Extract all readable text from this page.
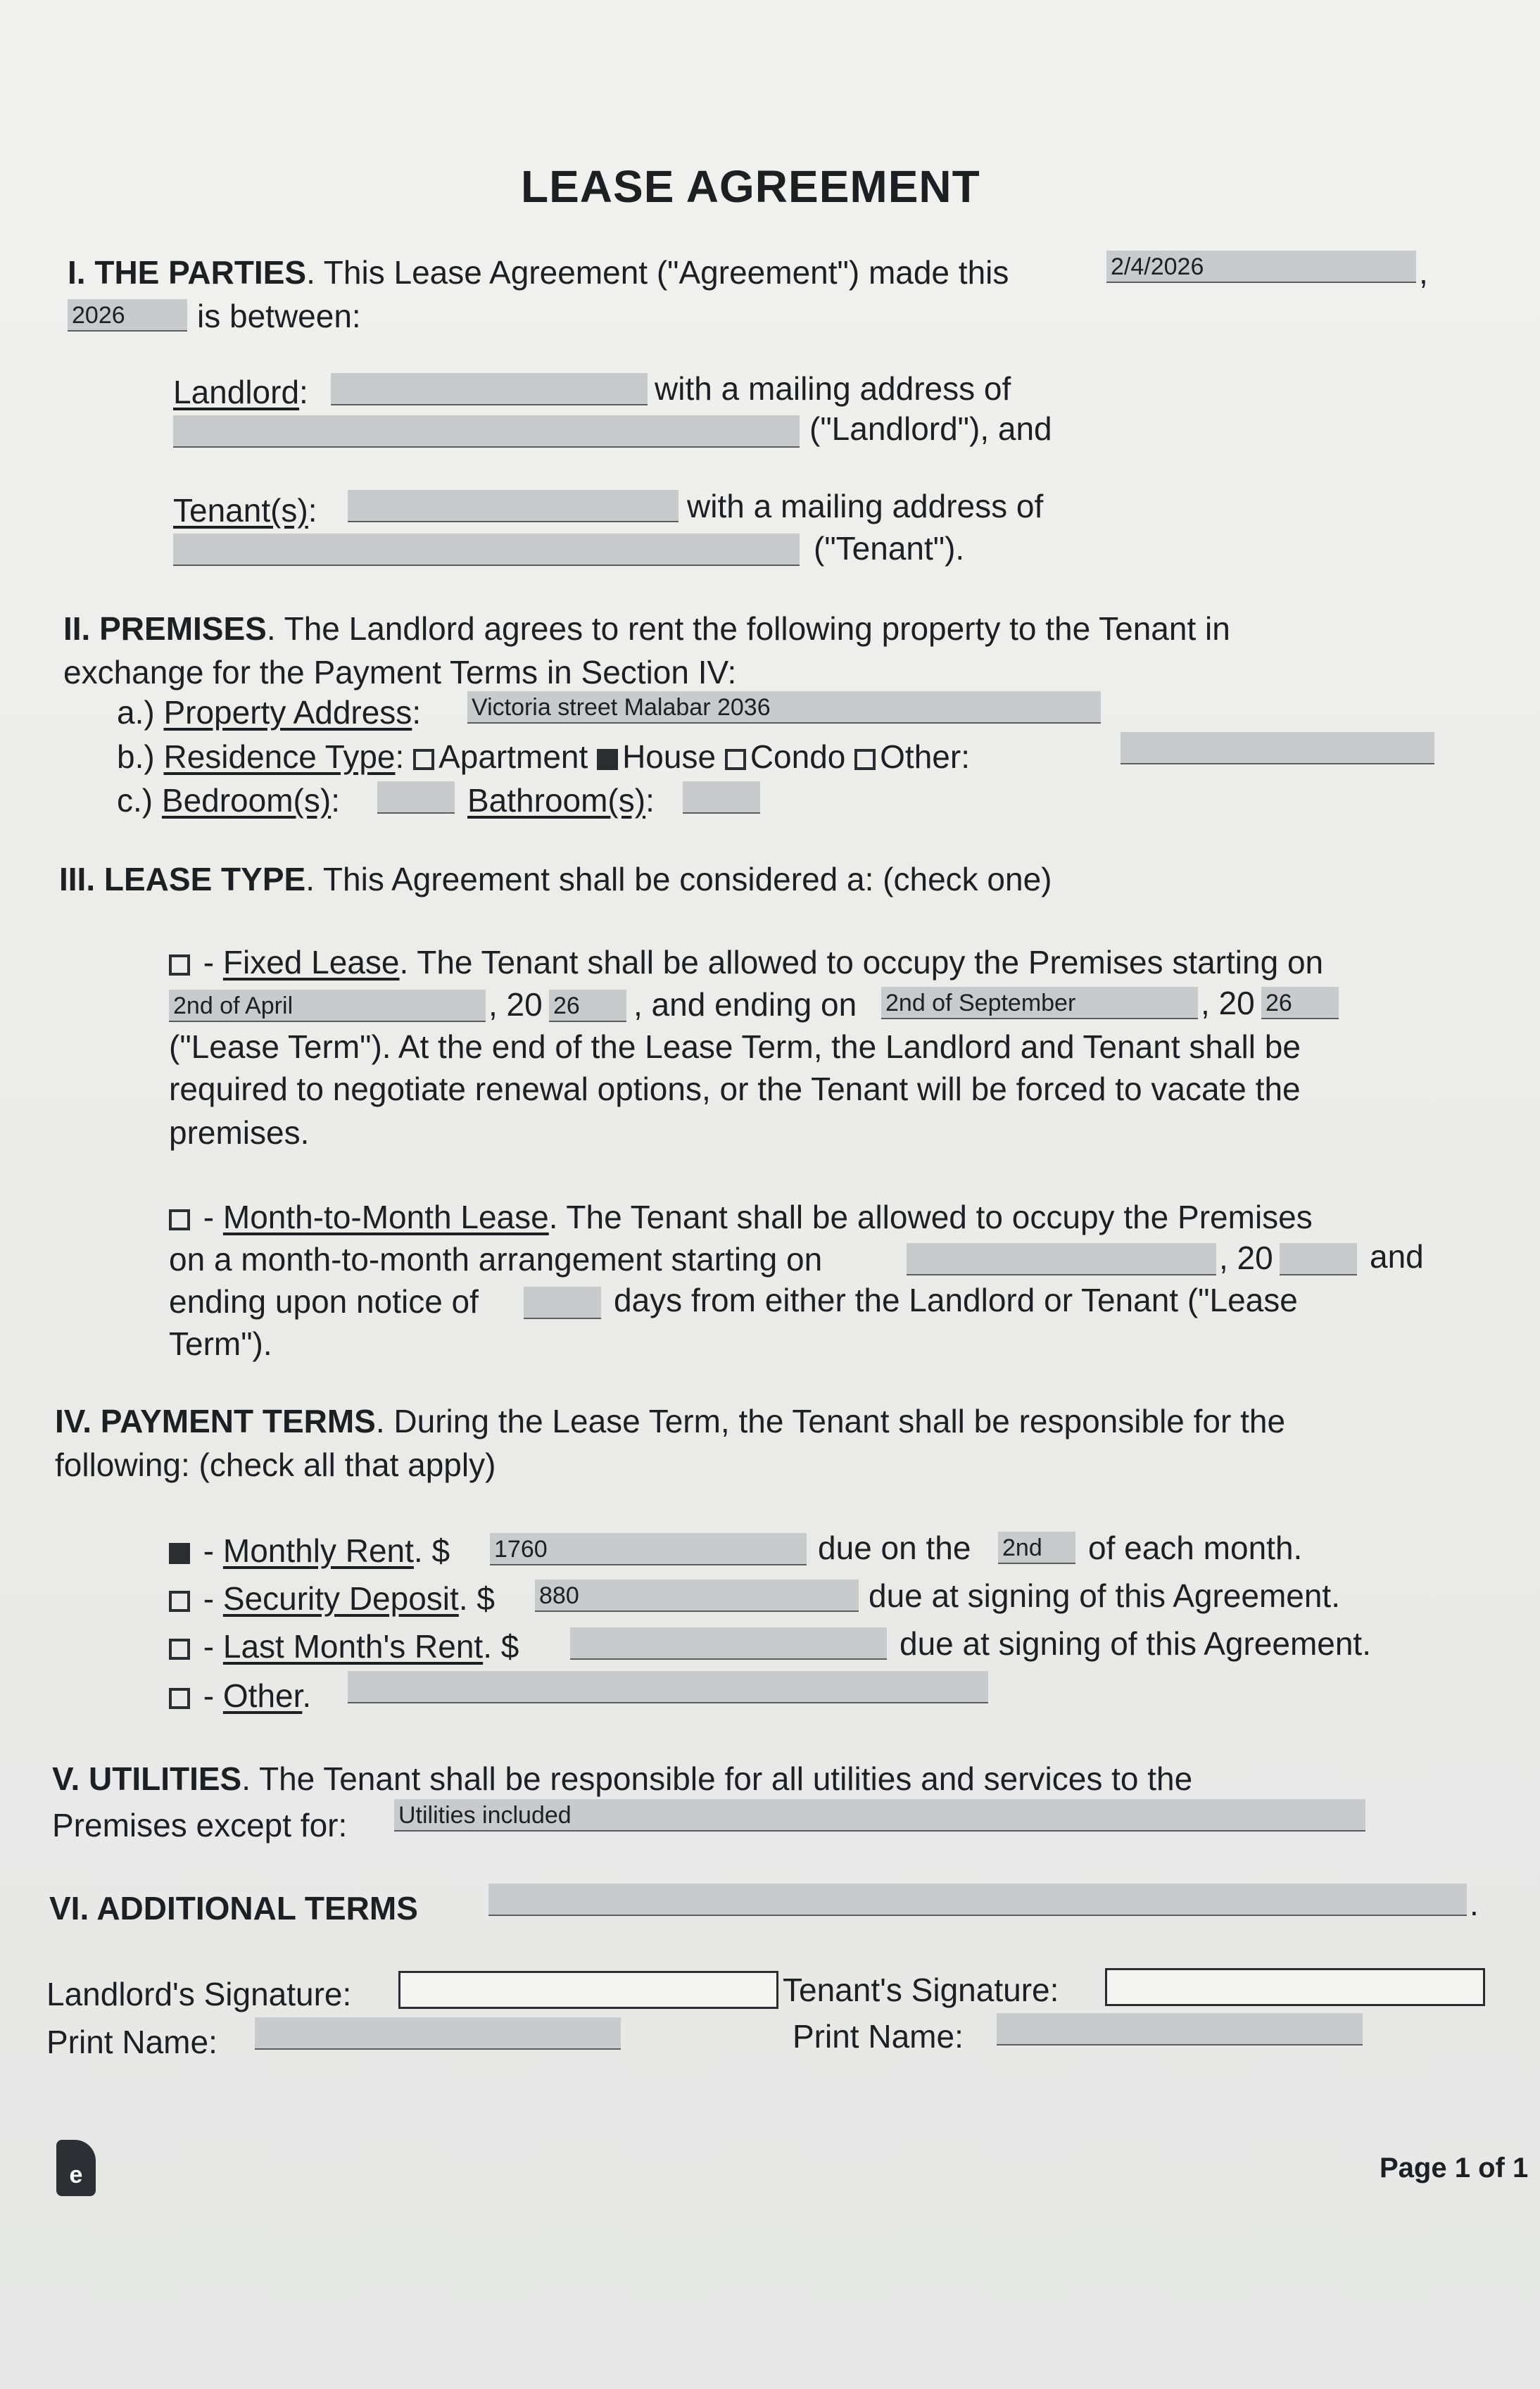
LEASE AGREEMENT
I. THE PARTIES. This Lease Agreement ("Agreement") made this	2/4/2026	,
2026	is between:
Landlord:	with a mailing address of
("Landlord"), and
Tenant(s):	with a mailing address of
("Tenant").
II. PREMISES. The Landlord agrees to rent the following property to the Tenant in
exchange for the Payment Terms in Section IV:
a.) Property Address: Victoria street Malabar 2036
b.) Residence Type: Apartment House Condo Other:
c.) Bedroom(s):	Bathroom(s):
III. LEASE TYPE. This Agreement shall be considered a: (check one)
- Fixed Lease. The Tenant shall be allowed to occupy the Premises starting on
2nd of April	, 20 26	, and ending on 2nd of September	, 20 26
("Lease Term"). At the end of the Lease Term, the Landlord and Tenant shall be
required to negotiate renewal options, or the Tenant will be forced to vacate the
premises.
- Month-to-Month Lease. The Tenant shall be allowed to occupy the Premises
on a month-to-month arrangement starting on	, 20	and
ending upon notice of	days from either the Landlord or Tenant ("Lease
Term").
IV. PAYMENT TERMS. During the Lease Term, the Tenant shall be responsible for the
following: (check all that apply)
- Monthly Rent. $ 1760	due on the 2nd	of each month.
- Security Deposit. $ 880	due at signing of this Agreement.
- Last Month's Rent. $	due at signing of this Agreement.
- Other.
V. UTILITIES. The Tenant shall be responsible for all utilities and services to the
Premises except for: Utilities included
VI. ADDITIONAL TERMS	.
Landlord's Signature:	Tenant's Signature:
Print Name:	Print Name:
e	Page 1 of 1
